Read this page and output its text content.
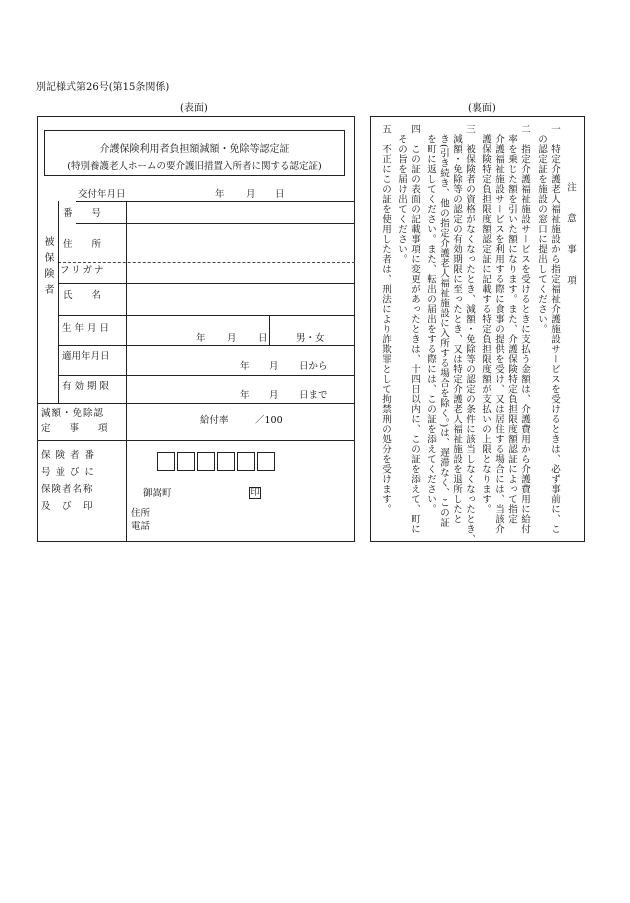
別記様式第26号(第15条関係)
(表面)	(裏面)
介護保険利用者負担額減額・免除等認定証
(特別養護老人ホームの要介護旧措置入所者に関する認定証)
交付年月日	年 月 日
被保険者
番　　号
住　　所
フリガナ
氏　　名
生 年 月 日
年 月 日	男・女
適用年月日
年 月 日から
有 効 期 限
年 月 日まで
減額・免除認
定　　事　　項
給付率	／100
保 険 者 番
号 並 び に
保険者名称
及　び　印
御嵩町	印
住所
電話
注　意　事　項
一　特定介護老人福祉施設から指定福祉介護施設サービスを受けるときは、必ず事前に、こ
　の認定証を施設の窓口に提出してください。
二　指定介護福祉施設サービスを受けるときに支払う金額は、介護費用から介護費用に給付
　率を乗じた額を引いた額になります。また、介護保険特定負担限度額認証によって指定
　介護福祉施設サービスを利用する際に食事の提供を受け、又は居住する場合には、当該介
　護保険特定負担限度額認定証に記載する特定負担限度額が支払いの上限となります。
三　被保険者の資格がなくなったとき、減額・免除等の認定の条件に該当しなくなったとき、
　減額・免除等の認定の有効期限に至ったとき、又は特定介護老人福祉施設を退所したと
　き(引き続き、他の指定介護老人福祉施設に入所する場合を除く。)は、遅滞なく、この証
　を町に返してください。また、転出の届出をする際には、この証を添えてください。
四　この証の表面の記載事項に変更があったときは、十四日以内に、この証を添えて、町に
　その旨を届け出てください。
五　不正にこの証を使用した者は、刑法により詐欺罪として拘禁刑の処分を受けます。
